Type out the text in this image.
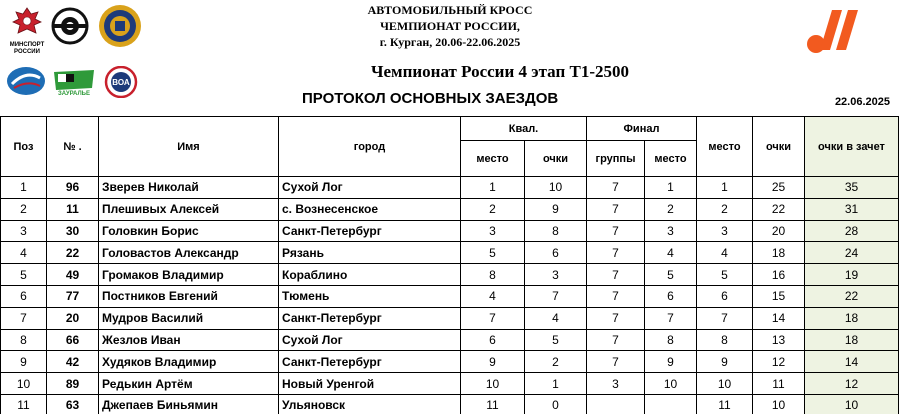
МИНСПОРТ РОССИИ
ЗАУРАЛЬЕ
ВОА
АВТОМОБИЛЬНЫЙ КРОСС
ЧЕМПИОНАТ РОССИИ,
г. Курган, 20.06-22.06.2025
Чемпионат России 4 этап Т1-2500
ПРОТОКОЛ ОСНОВНЫХ ЗАЕЗДОВ	22.06.2025
Поз	№ .	Имя	город	Квал.		Финал		место	очки	очки в зачет
				место	очки	группы	место			
1	96	Зверев Николай	Сухой Лог	1	10	7	1	1	25	35
2	11	Плешивых Алексей	с. Вознесенское	2	9	7	2	2	22	31
3	30	Головкин Борис	Санкт-Петербург	3	8	7	3	3	20	28
4	22	Головастов Александр	Рязань	5	6	7	4	4	18	24
5	49	Громаков Владимир	Кораблино	8	3	7	5	5	16	19
6	77	Постников Евгений	Тюмень	4	7	7	6	6	15	22
7	20	Мудров Василий	Санкт-Петербург	7	4	7	7	7	14	18
8	66	Жезлов Иван	Сухой Лог	6	5	7	8	8	13	18
9	42	Худяков Владимир	Санкт-Петербург	9	2	7	9	9	12	14
10	89	Редькин Артём	Новый Уренгой	10	1	3	10	10	11	12
11	63	Джепаев Биньямин	Ульяновск	11	0			11	10	10
